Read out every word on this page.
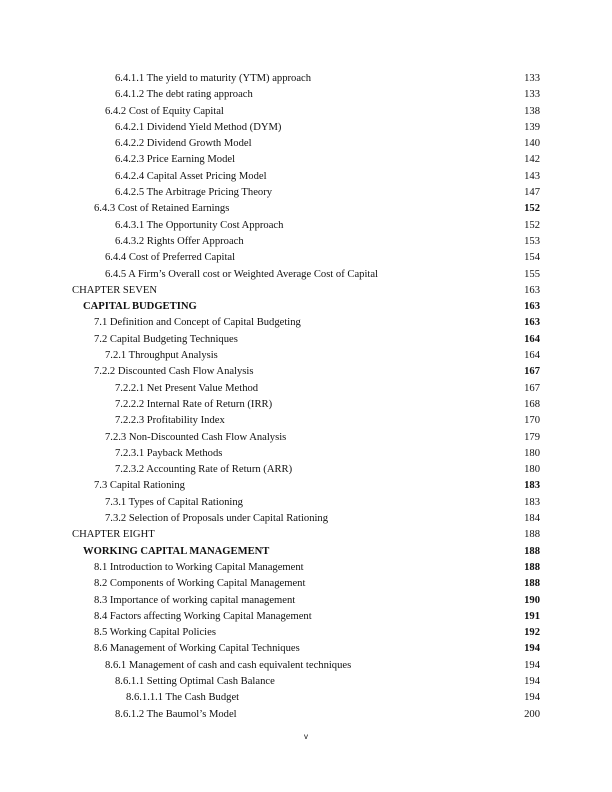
6.4.1.1 The yield to maturity (YTM) approach	133
6.4.1.2 The debt rating approach	133
6.4.2 Cost of Equity Capital	138
6.4.2.1 Dividend Yield Method (DYM)	139
6.4.2.2 Dividend Growth Model	140
6.4.2.3 Price Earning Model	142
6.4.2.4 Capital Asset Pricing Model	143
6.4.2.5 The Arbitrage Pricing Theory	147
6.4.3 Cost of Retained Earnings	152
6.4.3.1 The Opportunity Cost Approach	152
6.4.3.2 Rights Offer Approach	153
6.4.4 Cost of Preferred Capital	154
6.4.5 A Firm’s Overall cost or Weighted Average Cost of Capital	155
CHAPTER SEVEN	163
CAPITAL BUDGETING	163
7.1 Definition and Concept of Capital Budgeting	163
7.2 Capital Budgeting Techniques	164
7.2.1 Throughput Analysis	164
7.2.2 Discounted Cash Flow Analysis	167
7.2.2.1 Net Present Value Method	167
7.2.2.2 Internal Rate of Return (IRR)	168
7.2.2.3 Profitability Index	170
7.2.3 Non-Discounted Cash Flow Analysis	179
7.2.3.1 Payback Methods	180
7.2.3.2 Accounting Rate of Return (ARR)	180
7.3 Capital Rationing	183
7.3.1 Types of Capital Rationing	183
7.3.2 Selection of Proposals under Capital Rationing	184
CHAPTER EIGHT	188
WORKING CAPITAL MANAGEMENT	188
8.1 Introduction to Working Capital Management	188
8.2 Components of Working Capital Management	188
8.3 Importance of working capital management	190
8.4 Factors affecting Working Capital Management	191
8.5 Working Capital Policies	192
8.6 Management of Working Capital Techniques	194
8.6.1 Management of cash and cash equivalent techniques	194
8.6.1.1 Setting Optimal Cash Balance	194
8.6.1.1.1 The Cash Budget	194
8.6.1.2 The Baumol’s Model	200
v
